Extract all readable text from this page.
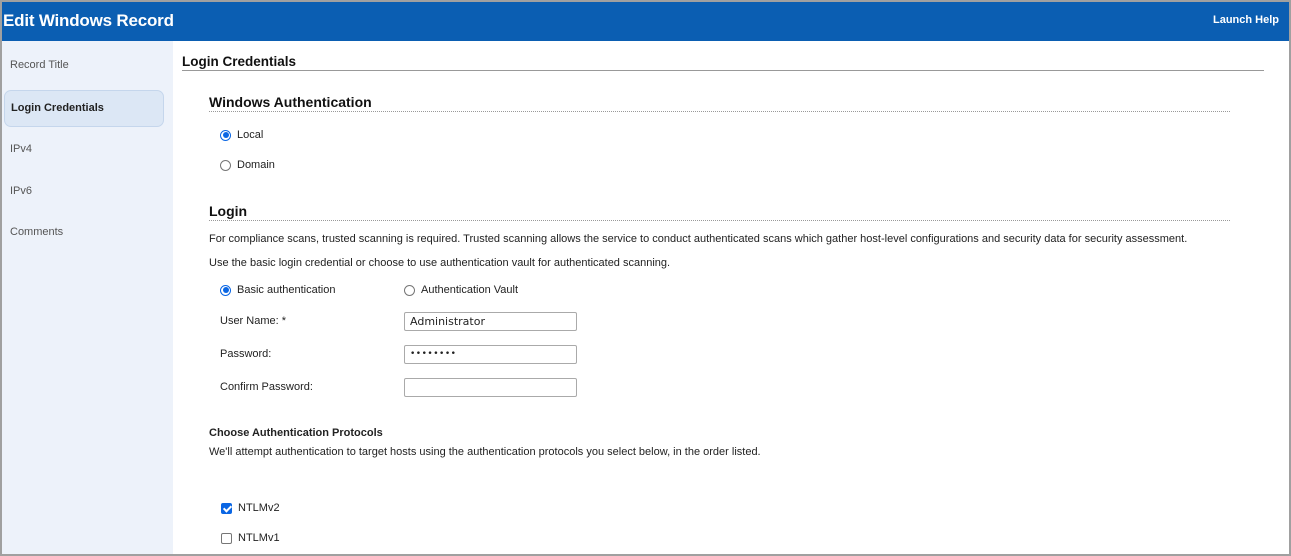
Edit Windows Record	Launch Help
Record Title
Login Credentials
IPv4
IPv6
Comments
Login Credentials
Windows Authentication
Local
Domain
Login
For compliance scans, trusted scanning is required. Trusted scanning allows the service to conduct authenticated scans which gather host-level configurations and security data for security assessment.
Use the basic login credential or choose to use authentication vault for authenticated scanning.
Basic authentication	Authentication Vault
User Name: *	Administrator
Password:	••••••••
Confirm Password:
Choose Authentication Protocols
We'll attempt authentication to target hosts using the authentication protocols you select below, in the order listed.
NTLMv2
NTLMv1
